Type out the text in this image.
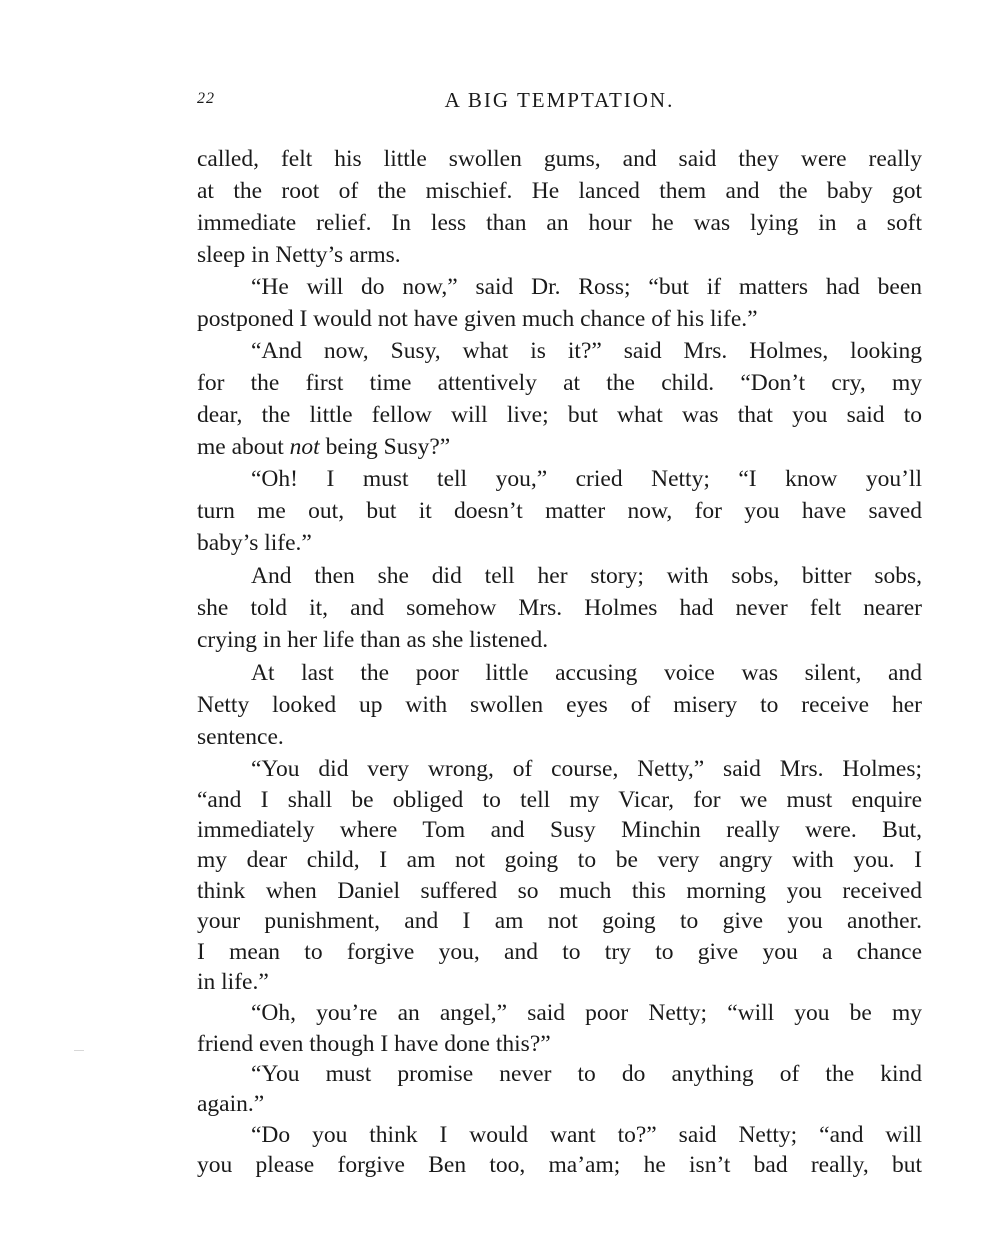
22	A BIG TEMPTATION.
called, felt his little swollen gums, and said they were really
at the root of the mischief. He lanced them and the baby got
immediate relief. In less than an hour he was lying in a soft
sleep in Netty’s arms.
“He will do now,” said Dr. Ross; “but if matters had been
postponed I would not have given much chance of his life.”
“And now, Susy, what is it?” said Mrs. Holmes, looking
for the first time attentively at the child. “Don’t cry, my
dear, the little fellow will live; but what was that you said to
me about not being Susy?”
“Oh! I must tell you,” cried Netty; “I know you’ll
turn me out, but it doesn’t matter now, for you have saved
baby’s life.”
And then she did tell her story; with sobs, bitter sobs,
she told it, and somehow Mrs. Holmes had never felt nearer
crying in her life than as she listened.
At last the poor little accusing voice was silent, and
Netty looked up with swollen eyes of misery to receive her
sentence.
“You did very wrong, of course, Netty,” said Mrs. Holmes;
“and I shall be obliged to tell my Vicar, for we must enquire
immediately where Tom and Susy Minchin really were. But,
my dear child, I am not going to be very angry with you. I
think when Daniel suffered so much this morning you received
your punishment, and I am not going to give you another.
I mean to forgive you, and to try to give you a chance
in life.”
“Oh, you’re an angel,” said poor Netty; “will you be my
friend even though I have done this?”
“You must promise never to do anything of the kind
again.”
“Do you think I would want to?” said Netty; “and will
you please forgive Ben too, ma’am; he isn’t bad really, but
